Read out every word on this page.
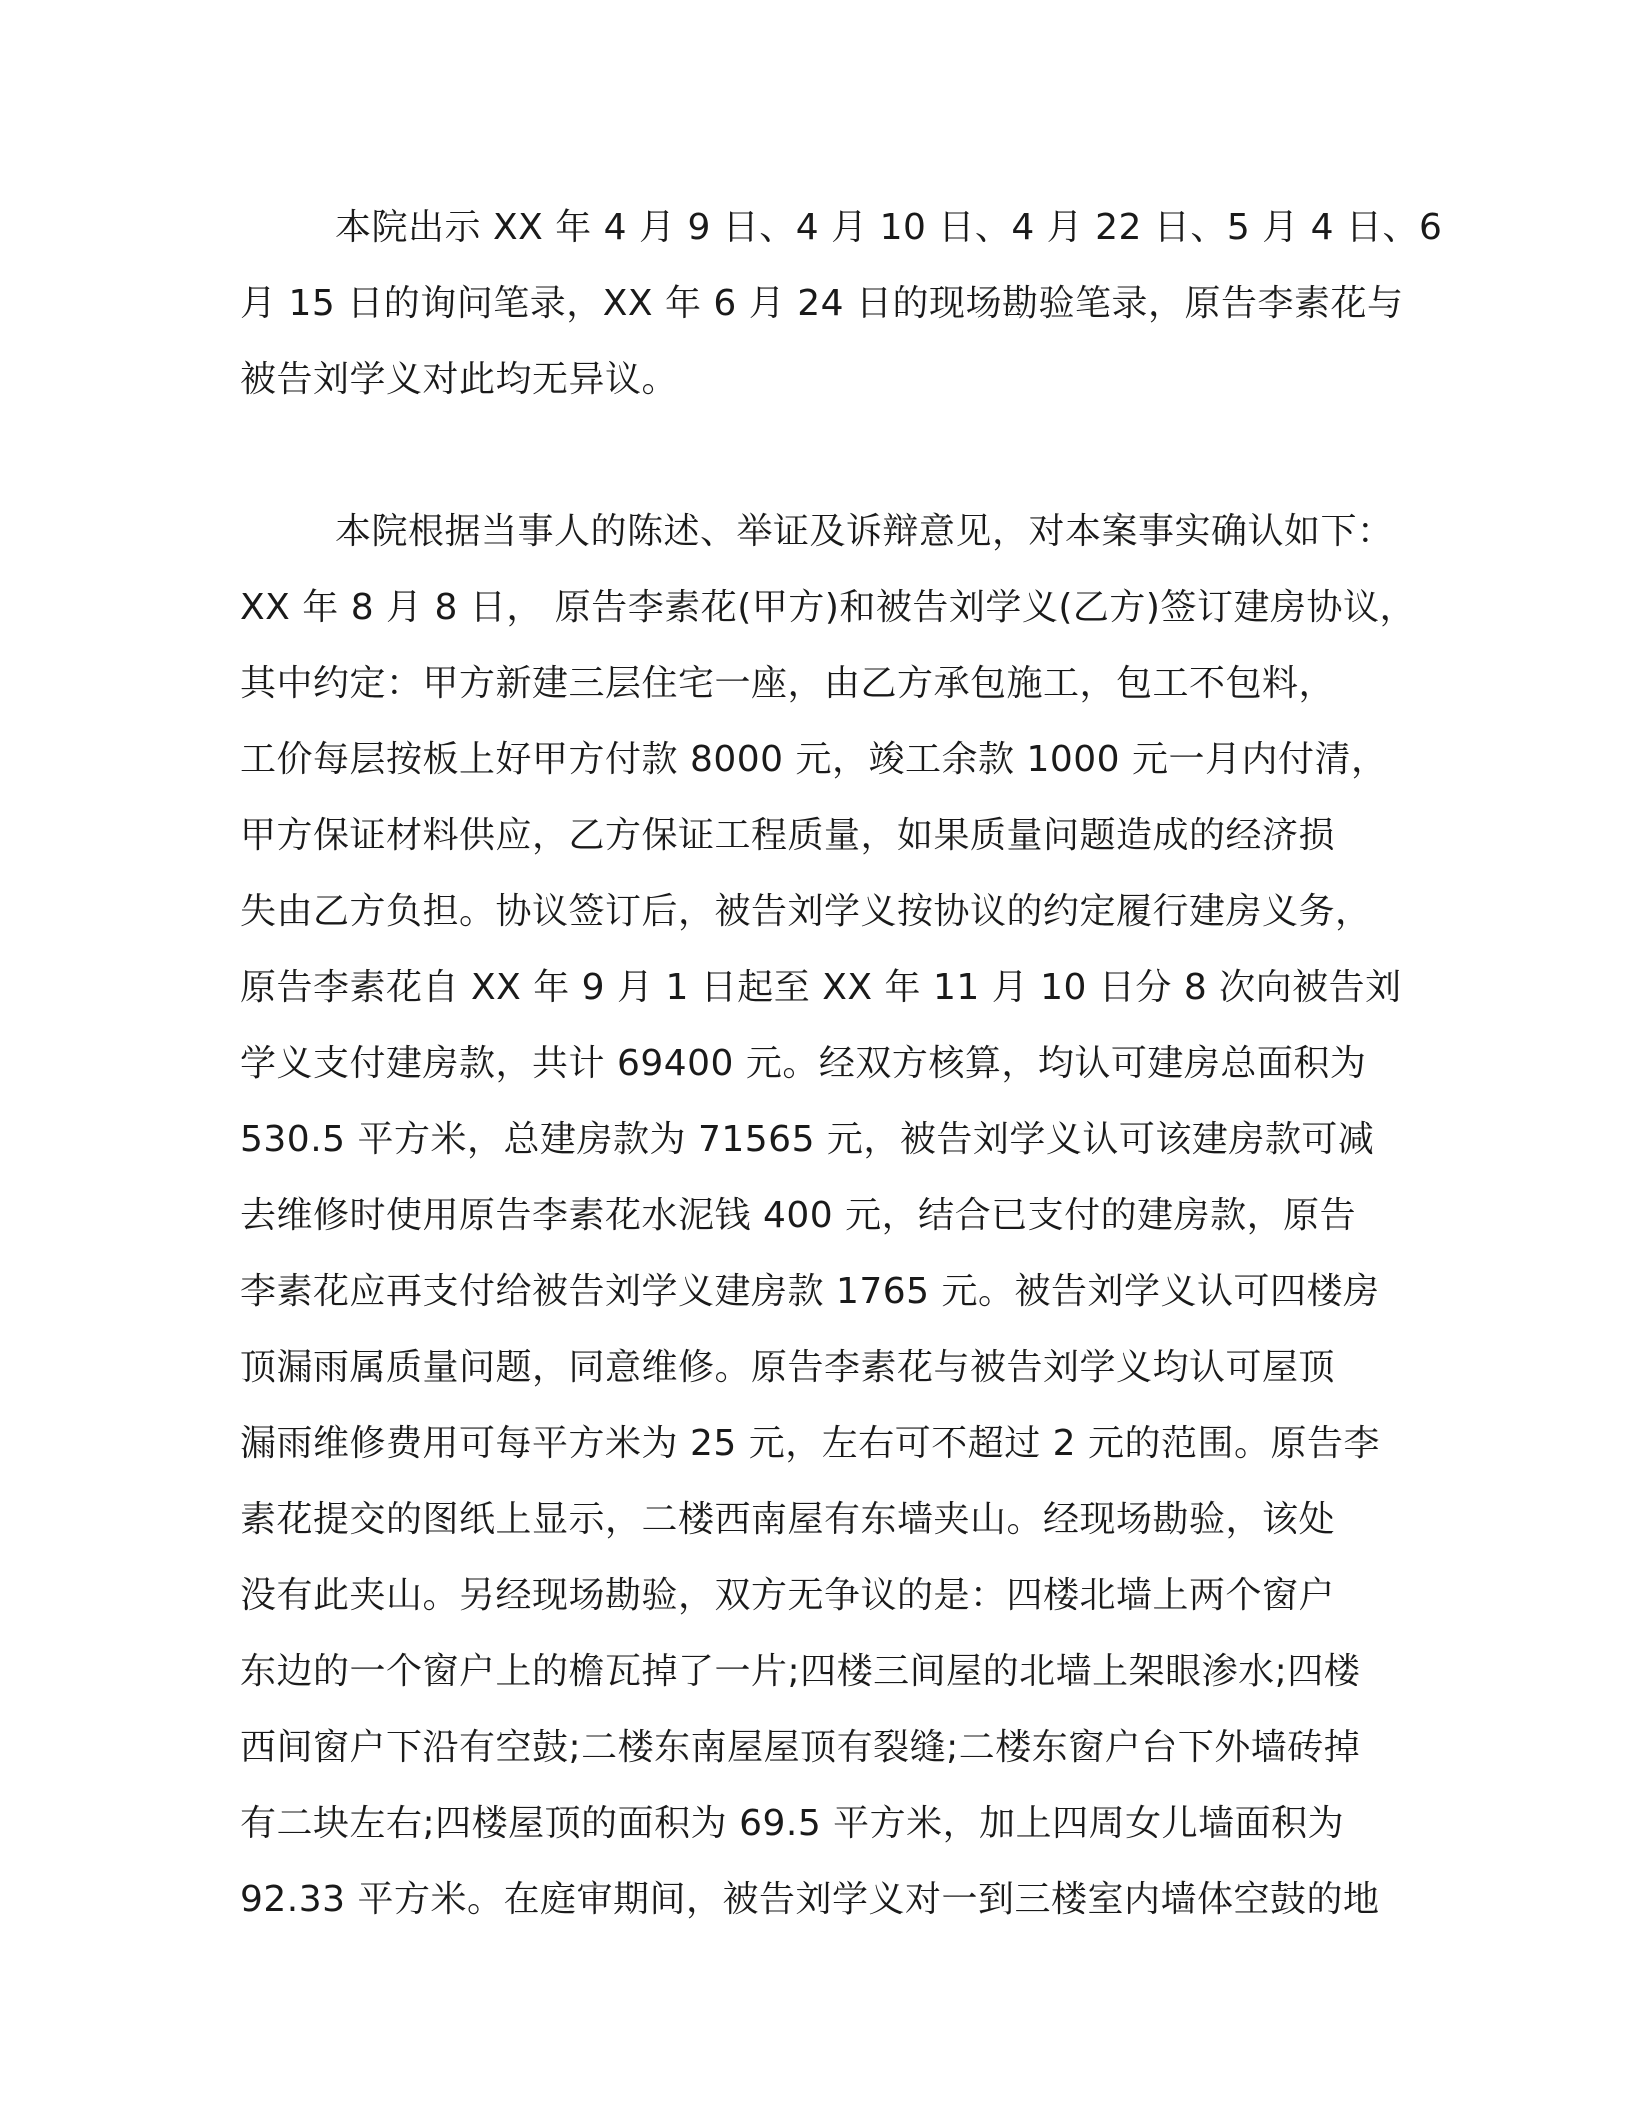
本院出示 XX 年 4 月 9 日、4 月 10 日、4 月 22 日、5 月 4 日、6
月 15 日的询问笔录，XX 年 6 月 24 日的现场勘验笔录，原告李素花与
被告刘学义对此均无异议。
本院根据当事人的陈述、举证及诉辩意见，对本案事实确认如下：
XX 年 8 月 8 日， 原告李素花(甲方)和被告刘学义(乙方)签订建房协议，
其中约定：甲方新建三层住宅一座，由乙方承包施工，包工不包料，
工价每层按板上好甲方付款 8000 元，竣工余款 1000 元一月内付清，
甲方保证材料供应，乙方保证工程质量，如果质量问题造成的经济损
失由乙方负担。协议签订后，被告刘学义按协议的约定履行建房义务，
原告李素花自 XX 年 9 月 1 日起至 XX 年 11 月 10 日分 8 次向被告刘
学义支付建房款，共计 69400 元。经双方核算，均认可建房总面积为
530.5 平方米，总建房款为 71565 元，被告刘学义认可该建房款可减
去维修时使用原告李素花水泥钱 400 元，结合已支付的建房款，原告
李素花应再支付给被告刘学义建房款 1765 元。被告刘学义认可四楼房
顶漏雨属质量问题，同意维修。原告李素花与被告刘学义均认可屋顶
漏雨维修费用可每平方米为 25 元，左右可不超过 2 元的范围。原告李
素花提交的图纸上显示，二楼西南屋有东墙夹山。经现场勘验，该处
没有此夹山。另经现场勘验，双方无争议的是：四楼北墙上两个窗户
东边的一个窗户上的檐瓦掉了一片;四楼三间屋的北墙上架眼渗水;四楼
西间窗户下沿有空鼓;二楼东南屋屋顶有裂缝;二楼东窗户台下外墙砖掉
有二块左右;四楼屋顶的面积为 69.5 平方米，加上四周女儿墙面积为
92.33 平方米。在庭审期间，被告刘学义对一到三楼室内墙体空鼓的地
